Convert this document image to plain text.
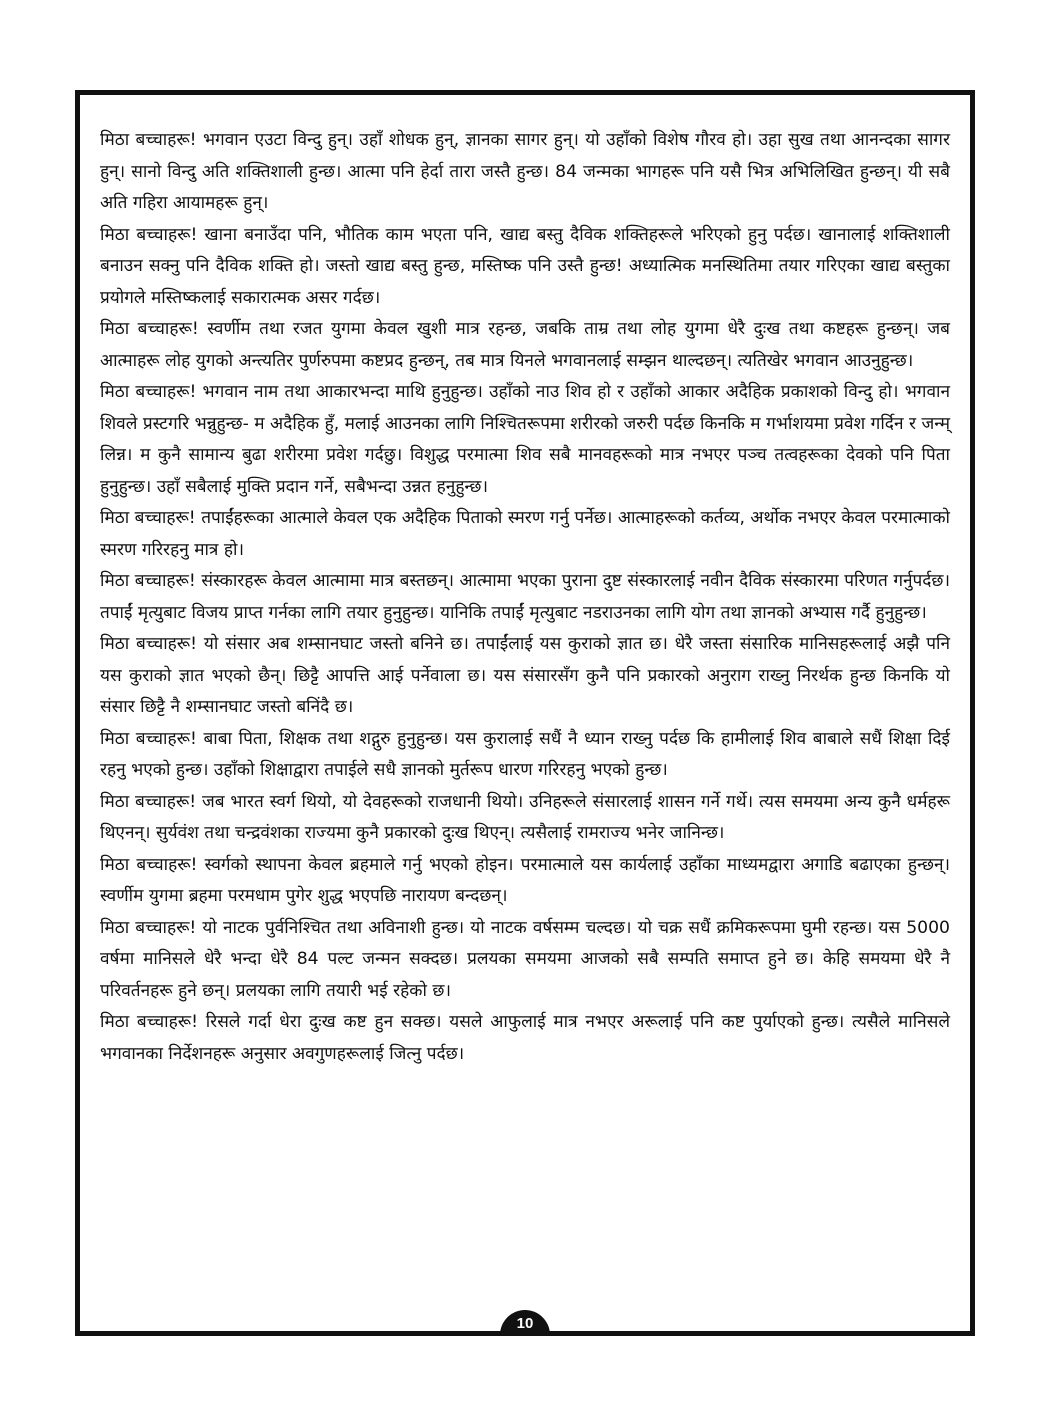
मिठा बच्चाहरू! भगवान एउटा विन्दु हुन्। उहाँ शोधक हुन्, ज्ञानका सागर हुन्। यो उहाँको विशेष गौरव हो। उहा सुख तथा आनन्दका सागर हुन्। सानो विन्दु अति शक्तिशाली हुन्छ। आत्मा पनि हेर्दा तारा जस्तै हुन्छ। 84 जन्मका भागहरू पनि यसै भित्र अभिलिखित हुन्छन्। यी सबै अति गहिरा आयामहरू हुन्।

मिठा बच्चाहरू! खाना बनाउँदा पनि, भौतिक काम भएता पनि, खाद्य बस्तु दैविक शक्तिहरूले भरिएको हुनु पर्दछ। खानालाई शक्तिशाली बनाउन सक्नु पनि दैविक शक्ति हो। जस्तो खाद्य बस्तु हुन्छ, मस्तिष्क पनि उस्तै हुन्छ! अध्यात्मिक मनस्थितिमा तयार गरिएका खाद्य बस्तुका प्रयोगले मस्तिष्कलाई सकारात्मक असर गर्दछ।

मिठा बच्चाहरू! स्वर्णीम तथा रजत युगमा केवल खुशी मात्र रहन्छ, जबकि ताम्र तथा लोह युगमा धेरै दुःख तथा कष्टहरू हुन्छन्। जब आत्माहरू लोह युगको अन्त्यतिर पुर्णरुपमा कष्टप्रद हुन्छन्, तब मात्र यिनले भगवानलाई सम्झन थाल्दछन्। त्यतिखेर भगवान आउनुहुन्छ।

मिठा बच्चाहरू! भगवान नाम तथा आकारभन्दा माथि हुनुहुन्छ। उहाँको नाउ शिव हो र उहाँको आकार अदैहिक प्रकाशको विन्दु हो। भगवान शिवले प्रस्टगरि भन्नुहुन्छ- म अदैहिक हुँ, मलाई आउनका लागि निश्चितरूपमा शरीरको जरुरी पर्दछ किनकि म गर्भाशयमा प्रवेश गर्दिन र जन्म् लिन्न। म कुनै सामान्य बुढा शरीरमा प्रवेश गर्दछु। विशुद्ध परमात्मा शिव सबै मानवहरूको मात्र नभएर पञ्च तत्वहरूका देवको पनि पिता हुनुहुन्छ। उहाँ सबैलाई मुक्ति प्रदान गर्ने, सबैभन्दा उन्नत हनुहुन्छ।

मिठा बच्चाहरू! तपाईंहरूका आत्माले केवल एक अदैहिक पिताको स्मरण गर्नु पर्नेछ। आत्माहरूको कर्तव्य, अर्थोक नभएर केवल परमात्माको स्मरण गरिरहनु मात्र हो।

मिठा बच्चाहरू! संस्कारहरू केवल आत्मामा मात्र बस्तछन्। आत्मामा भएका पुराना दुष्ट संस्कारलाई नवीन दैविक संस्कारमा परिणत गर्नुपर्दछ। तपाईं मृत्युबाट विजय प्राप्त गर्नका लागि तयार हुनुहुन्छ। यानिकि तपाईं मृत्युबाट नडराउनका लागि योग तथा ज्ञानको अभ्यास गर्दै हुनुहुन्छ।

मिठा बच्चाहरू! यो संसार अब शम्सानघाट जस्तो बनिने छ। तपाईंलाई यस कुराको ज्ञात छ। धेरै जस्ता संसारिक मानिसहरूलाई अझै पनि यस कुराको ज्ञात भएको छैन्। छिट्टै आपत्ति आई पर्नेवाला छ। यस संसारसँग कुनै पनि प्रकारको अनुराग राख्नु निरर्थक हुन्छ किनकि यो संसार छिट्टै नै शम्सानघाट जस्तो बनिंदै छ।

मिठा बच्चाहरू! बाबा पिता, शिक्षक तथा शद्गुरु हुनुहुन्छ। यस कुरालाई सधैं नै ध्यान राख्नु पर्दछ कि हामीलाई शिव बाबाले सधैं शिक्षा दिई रहनु भएको हुन्छ। उहाँको शिक्षाद्वारा तपाईले सधै ज्ञानको मुर्तरूप धारण गरिरहनु भएको हुन्छ।

मिठा बच्चाहरू! जब भारत स्वर्ग थियो, यो देवहरूको राजधानी थियो। उनिहरूले संसारलाई शासन गर्ने गर्थे। त्यस समयमा अन्य कुनै धर्महरू थिएनन्। सुर्यवंश तथा चन्द्रवंशका राज्यमा कुनै प्रकारको दुःख थिएन्। त्यसैलाई रामराज्य भनेर जानिन्छ।

मिठा बच्चाहरू! स्वर्गको स्थापना केवल ब्रहमाले गर्नु भएको होइन। परमात्माले यस कार्यलाई उहाँका माध्यमद्वारा अगाडि बढाएका हुन्छन्। स्वर्णीम युगमा ब्रहमा परमधाम पुगेर शुद्ध भएपछि नारायण बन्दछन्।

मिठा बच्चाहरू! यो नाटक पुर्वनिश्चित तथा अविनाशी हुन्छ। यो नाटक वर्षसम्म चल्दछ। यो चक्र सधैं क्रमिकरूपमा घुमी रहन्छ। यस 5000 वर्षमा मानिसले धेरै भन्दा धेरै 84 पल्ट जन्मन सक्दछ। प्रलयका समयमा आजको सबै सम्पति समाप्त हुने छ। केहि समयमा धेरै नै परिवर्तनहरू हुने छन्। प्रलयका लागि तयारी भई रहेको छ।

मिठा बच्चाहरू! रिसले गर्दा धेरा दुःख कष्ट हुन सक्छ। यसले आफुलाई मात्र नभएर अरूलाई पनि कष्ट पुर्याएको हुन्छ। त्यसैले मानिसले भगवानका निर्देशनहरू अनुसार अवगुणहरूलाई जित्नु पर्दछ।

10
